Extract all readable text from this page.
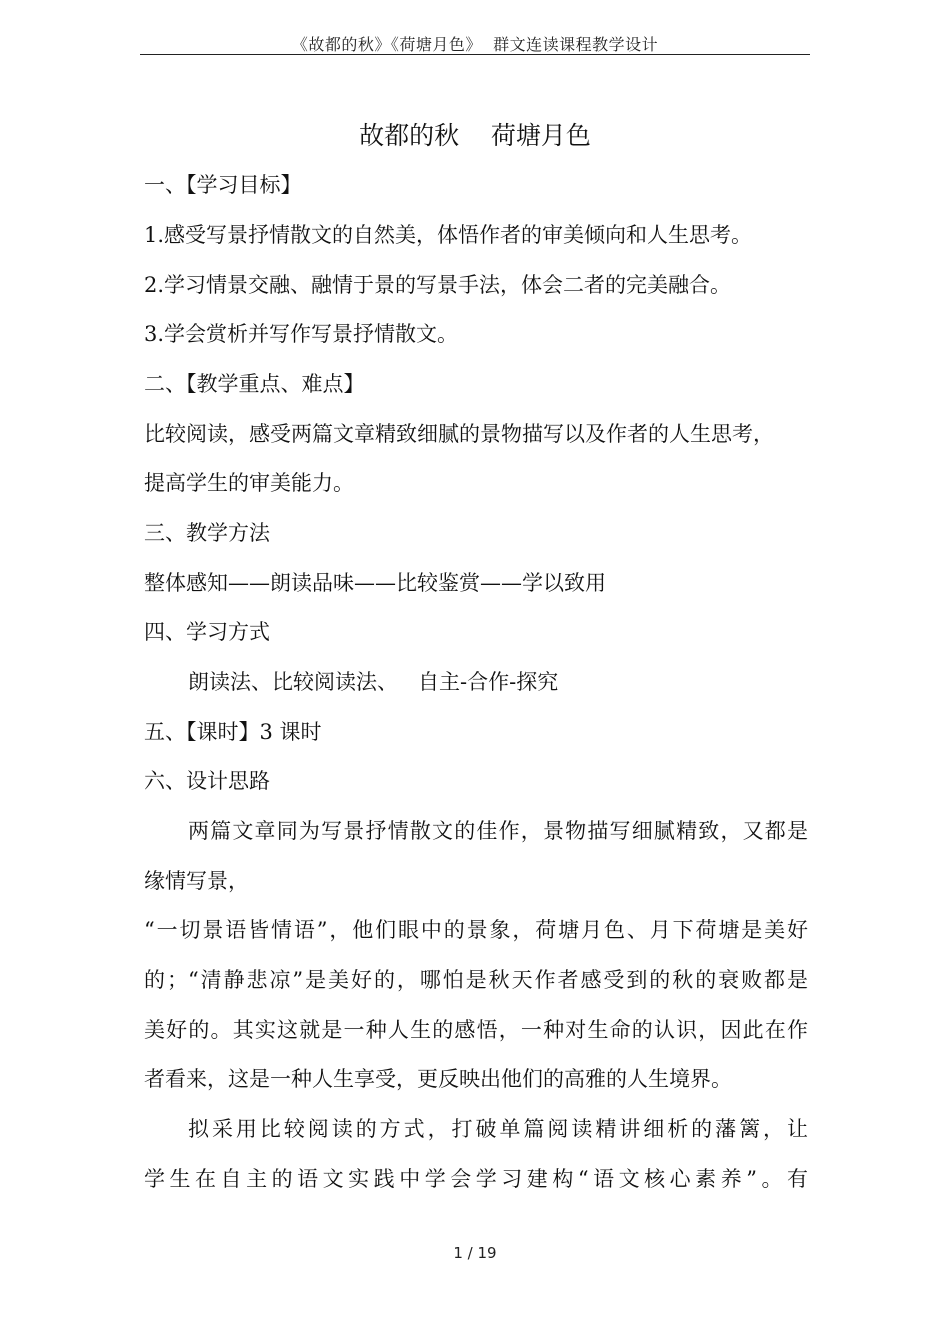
《故都的秋》《荷塘月色》  群文连读课程教学设计
故都的秋    荷塘月色
一、【学习目标】
1.感受写景抒情散文的自然美，体悟作者的审美倾向和人生思考。
2.学习情景交融、融情于景的写景手法，体会二者的完美融合。
3.学会赏析并写作写景抒情散文。
二、【教学重点、难点】
比较阅读，感受两篇文章精致细腻的景物描写以及作者的人生思考，
提高学生的审美能力。
三、教学方法
整体感知——朗读品味——比较鉴赏——学以致用
四、学习方式
朗读法、比较阅读法、   自主-合作-探究
五、【课时】3 课时
六、设计思路
两篇文章同为写景抒情散文的佳作，景物描写细腻精致，又都是
缘情写景，
“一切景语皆情语”，他们眼中的景象，荷塘月色、月下荷塘是美好
的；“清静悲凉”是美好的，哪怕是秋天作者感受到的秋的衰败都是
美好的。其实这就是一种人生的感悟，一种对生命的认识，因此在作
者看来，这是一种人生享受，更反映出他们的高雅的人生境界。
拟采用比较阅读的方式，打破单篇阅读精讲细析的藩篱，让
学生在自主的语文实践中学会学习建构“语文核心素养”。有
1 / 19
